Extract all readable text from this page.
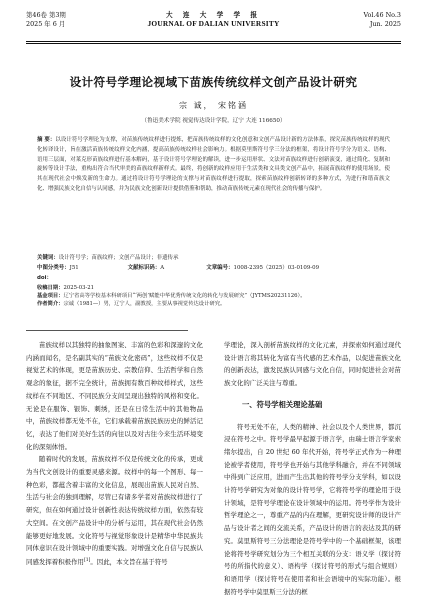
第46卷 第3期	大 连 大 学 学 报	Vol.46 No.3
2025 年 6 月	JOURNAL OF DALIAN UNIVERSITY	Jun. 2025
设计符号学理论视域下苗族传统纹样文创产品设计研究
宗 诚， 宋铭涵
（鲁迅美术学院 视觉传达设计学院，辽宁 大连 116650）
摘 要：以设计符号学理论为支撑，对苗族传统纹样进行提炼，把苗族传统纹样的文化创意和文创产品设计新的方法体系，探究苗族传统纹样的现代化转译设计，旨在激活苗族传统纹样文化内涵，提高苗族传统纹样社会影响力。根据莫里斯符号学三分法的框架，将设计符号学分为语义、语构、语用三层面，对莱克形苗族纹样进行基本解码，基于设计符号学理论的解读，进一步运用形状、文法对苗族纹样进行创新演变，通过简化、复制和旋转等设计手法，重构出符合当代审美的苗族纹样新样式。最终，将创新的纹样应用于生活类和文具类文创产品中，拓展苗族纹样的使用场景，使其在现代社会中焕发新的生命力。通过将设计符号学理论的支撑与对苗族纹样进行提取，探索苗族纹样创新转译的多种方式，为进行和谐苗族文化、增强民族文化自信与认同感，并为民族文化创新设计提供借鉴和帮助，推动苗族传统元素在现代社会的传播与保护。
关键词：设计符号学；苗族纹样；文创产品设计；非遗传承
中图分类号：J51	文献标识码：A	文章编号：1008-2395（2025）03-0109-09
doi：
收稿日期：2025-03-21
基金项目：辽宁省高等学校基本科研项目“‘两创’赋能中华优秀传统文化的转化与发展研究”（JYTMS20231126）。
作者简介：宗诚（1981—）男，辽宁人，副教授，主要从事视觉传达设计研究。

苗族纹样以其独特的抽象图案、丰富的色彩和深邃的文化内涵而闻名，是名副其实的“苗族文化密码”，这些纹样不仅是视觉艺术的体现，更是苗族历史、宗教信仰、生活哲学和自然观念的象征，据不完全统计，苗族拥有数百种纹样样式，这些纹样在不同地区、不同民族分支间呈现出独特的风格和变化。无论是在服饰、银饰、刺绣，还是在日常生活中的其他物品中，苗族纹样都无处不在，它们承载着苗族民族历史的鲜活记忆，表达了他们对美好生活的向往以及对古往今来生活环境变化的深刻体悟。

随着时代的发展，苗族纹样不仅是传统文化的传承，更成为当代文创设计的重要灵感来源。纹样中的每一个图形、每一种色彩，都蕴含着丰富的文化信息，展现出苗族人民对自然、生活与社会的独到理解，尽管已有诸多学者对苗族纹样进行了研究，但在如何通过设计创新性表达传统纹样方面，依然有较大空间。在文创产品设计中的分析与运用，其在现代社会仍然能够更好地发展。文化符号与视觉形象设计是精华中华民族共同体意识在设计领域中的重要实践。对增强文化自信与民族认同感发挥着积极作用[1]。因此，本文旨在基于符号

学理论，深入剖析苗族纹样的文化元素，并探索如何通过现代设计语言将其转化为富有当代感的艺术作品，以促进苗族文化的创新表达，激发民族认同感与文化自信，同时促进社会对苗族文化的广泛关注与尊重。

一、符号学相关理论基础

符号无处不在，人类的精神、社会以及个人类世界，都沉浸在符号之中。符号学最早起源于语言学，由瑞士语言学家索绪尔提出，自 20 世纪 60 年代开始，符号学正式作为一种理论被学者使用，符号学也开始与其他学科融合，并在不同领域中得到广泛应用，进而产生出其他的符号学分支学科，如以设计符号学研究为对象的设计符号学，它将符号学的理论用于设计领域，是符号学理论在设计领域中的运用。符号学作为设计哲学理论之一，尊重产品的内在理解，更研究设计师的设计产品与设计者之间的交流关系，产品设计的语言的表达及其的研究。莫里斯符号三分法理论是符号学中的一个基础框架，该理论将符号学研究划分为三个相互关联的分支：语义学（探讨符号的所指代的意义）、语构学（探讨符号的形式与组合规则）和语用学（探讨符号在使用者和社会语境中的实际功能）。根据符号学中莫里斯三分法的框
